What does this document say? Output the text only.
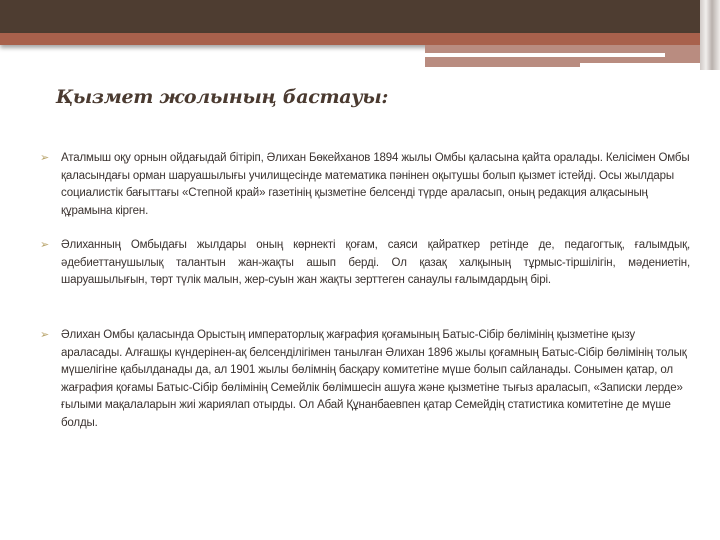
Қызмет жолының бастауы:
➢ Аталмыш оқу орнын ойдағыдай бітіріп, Әлихан Бөкейханов 1894 жылы Омбы қаласына қайта оралады. Келісімен Омбы қаласындағы орман шаруашылығы училищесінде математика пәнінен оқытушы болып қызмет істейді. Осы жылдары социалистік бағыттағы «Степной край» газетінің қызметіне белсенді түрде араласып, оның редакция алқасының құрамына кірген.
➢ Әлиханның Омбыдағы жылдары оның көрнекті қоғам, саяси қайраткер ретінде де, педагогтық, ғалымдық, әдебиеттанушылық талантын жан-жақты ашып берді. Ол қазақ халқының тұрмыс-тіршілігін, мәдениетін, шаруашылығын, төрт түлік малын, жер-суын жан жақты зерттеген санаулы ғалымдардың бірі.
➢ Әлихан Омбы қаласында Орыстың императорлық жағрафия қоғамының Батыс-Сібір бөлімінің қызметіне қызу араласады. Алғашқы күндерінен-ақ белсенділігімен танылған Әлихан 1896 жылы қоғамның Батыс-Сібір бөлімінің толық мүшелігіне қабылданады да, ал 1901 жылы бөлімнің басқару комитетіне мүше болып сайланады. Сонымен қатар, ол жағрафия қоғамы Батыс-Сібір бөлімінің Семейлік бөлімшесін ашуға және қызметіне тығыз араласып, «Записки лерде» ғылыми мақалаларын жиі жариялап отырды. Ол Абай Құнанбаевпен қатар Семейдің статистика комитетіне де мүше болды.
